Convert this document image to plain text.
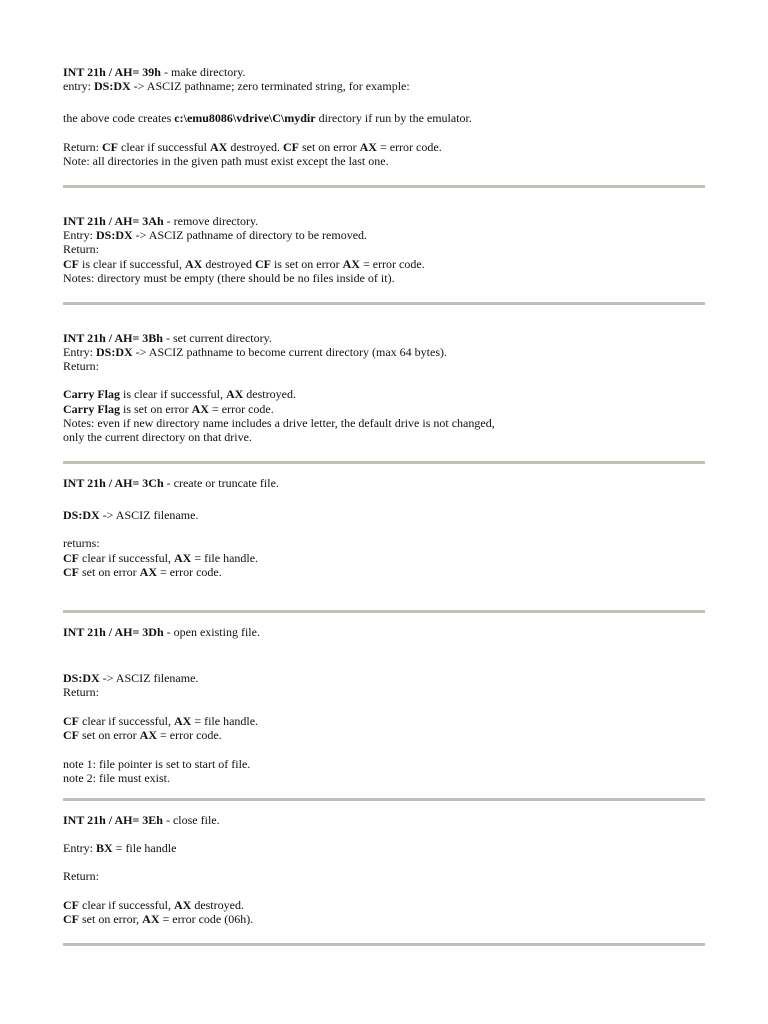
INT 21h / AH= 39h - make directory.
entry: DS:DX -> ASCIZ pathname; zero terminated string, for example:
the above code creates c:\emu8086\vdrive\C\mydir directory if run by the emulator.
Return: CF clear if successful AX destroyed. CF set on error AX = error code.
Note: all directories in the given path must exist except the last one.
INT 21h / AH= 3Ah - remove directory.
Entry: DS:DX -> ASCIZ pathname of directory to be removed.
Return:
CF is clear if successful, AX destroyed CF is set on error AX = error code.
Notes: directory must be empty (there should be no files inside of it).
INT 21h / AH= 3Bh - set current directory.
Entry: DS:DX -> ASCIZ pathname to become current directory (max 64 bytes).
Return:
Carry Flag is clear if successful, AX destroyed.
Carry Flag is set on error AX = error code.
Notes: even if new directory name includes a drive letter, the default drive is not changed,
only the current directory on that drive.
INT 21h / AH= 3Ch - create or truncate file.
DS:DX -> ASCIZ filename.
returns:
CF clear if successful, AX = file handle.
CF set on error AX = error code.
INT 21h / AH= 3Dh - open existing file.
DS:DX -> ASCIZ filename.
Return:
CF clear if successful, AX = file handle.
CF set on error AX = error code.
note 1: file pointer is set to start of file.
note 2: file must exist.
INT 21h / AH= 3Eh - close file.
Entry: BX = file handle
Return:
CF clear if successful, AX destroyed.
CF set on error, AX = error code (06h).
